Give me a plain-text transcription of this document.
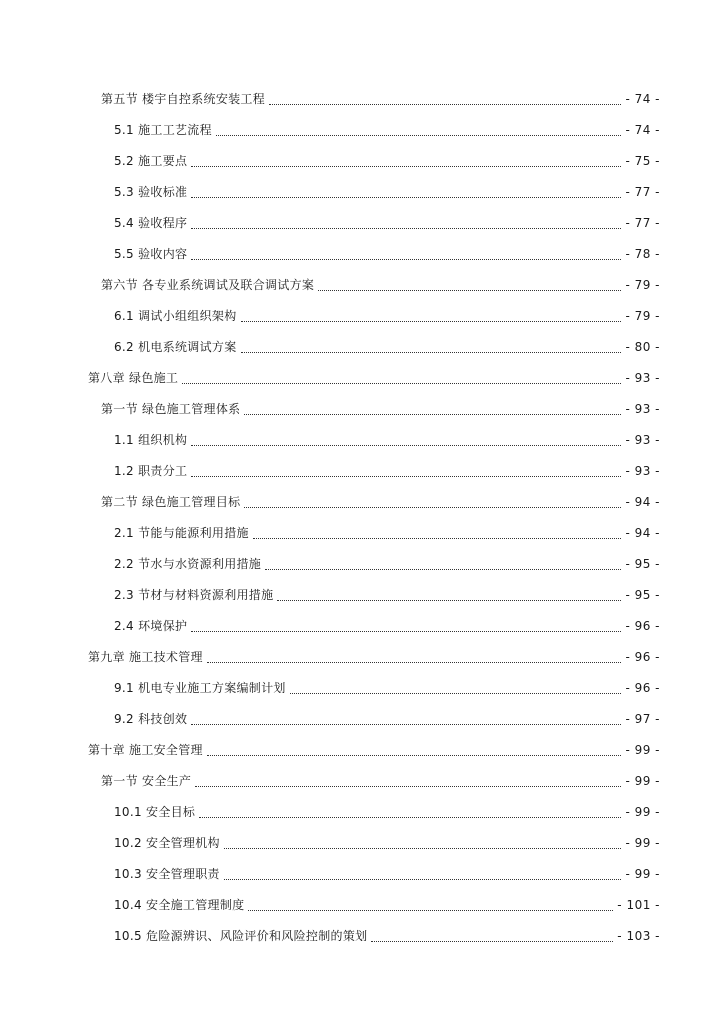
第五节 楼宇自控系统安装工程	- 74 -
5.1 施工工艺流程	- 74 -
5.2 施工要点	- 75 -
5.3 验收标准	- 77 -
5.4 验收程序	- 77 -
5.5 验收内容	- 78 -
第六节 各专业系统调试及联合调试方案	- 79 -
6.1 调试小组组织架构	- 79 -
6.2 机电系统调试方案	- 80 -
第八章 绿色施工	- 93 -
第一节 绿色施工管理体系	- 93 -
1.1 组织机构	- 93 -
1.2 职责分工	- 93 -
第二节 绿色施工管理目标	- 94 -
2.1 节能与能源利用措施	- 94 -
2.2 节水与水资源利用措施	- 95 -
2.3 节材与材料资源利用措施	- 95 -
2.4 环境保护	- 96 -
第九章 施工技术管理	- 96 -
9.1 机电专业施工方案编制计划	- 96 -
9.2 科技创效	- 97 -
第十章 施工安全管理	- 99 -
第一节 安全生产	- 99 -
10.1 安全目标	- 99 -
10.2 安全管理机构	- 99 -
10.3 安全管理职责	- 99 -
10.4 安全施工管理制度	- 101 -
10.5 危险源辨识、风险评价和风险控制的策划	- 103 -
